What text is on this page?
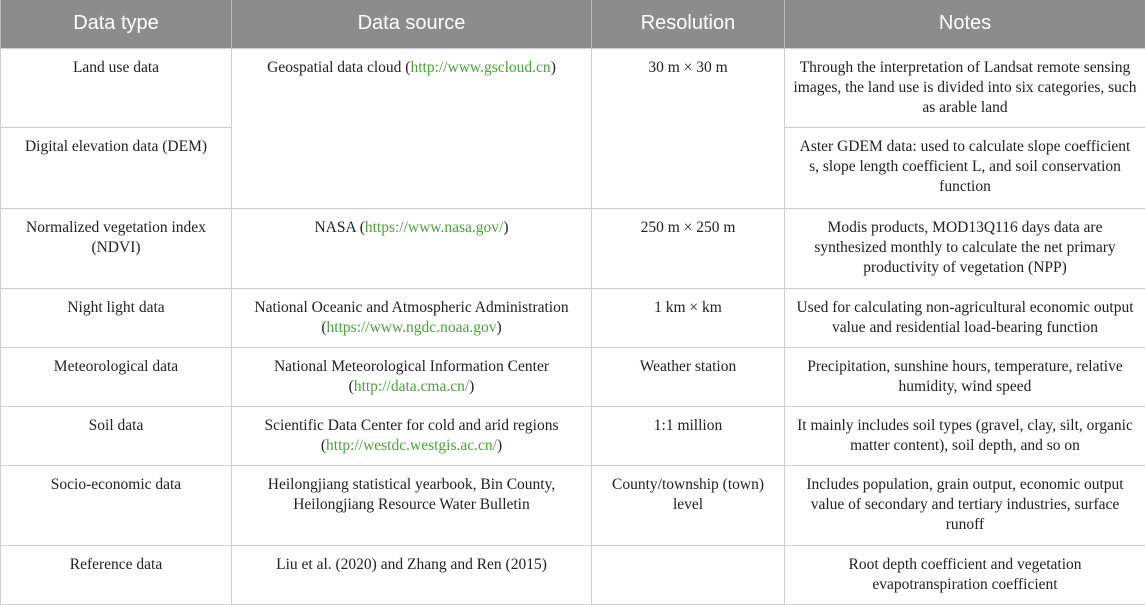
Data type	Data source	Resolution	Notes
Land use data	Geospatial data cloud (http://www.gscloud.cn)	30 m × 30 m	Through the interpretation of Landsat remote sensing images, the land use is divided into six categories, such as arable land
Digital elevation data (DEM)			Aster GDEM data: used to calculate slope coefficient s, slope length coefficient L, and soil conservation function
Normalized vegetation index (NDVI)	NASA (https://www.nasa.gov/)	250 m × 250 m	Modis products, MOD13Q116 days data are synthesized monthly to calculate the net primary productivity of vegetation (NPP)
Night light data	National Oceanic and Atmospheric Administration (https://www.ngdc.noaa.gov)	1 km × km	Used for calculating non-agricultural economic output value and residential load-bearing function
Meteorological data	National Meteorological Information Center (http://data.cma.cn/)	Weather station	Precipitation, sunshine hours, temperature, relative humidity, wind speed
Soil data	Scientific Data Center for cold and arid regions (http://westdc.westgis.ac.cn/)	1:1 million	It mainly includes soil types (gravel, clay, silt, organic matter content), soil depth, and so on
Socio-economic data	Heilongjiang statistical yearbook, Bin County, Heilongjiang Resource Water Bulletin	County/township (town) level	Includes population, grain output, economic output value of secondary and tertiary industries, surface runoff
Reference data	Liu et al. (2020) and Zhang and Ren (2015)		Root depth coefficient and vegetation evapotranspiration coefficient
